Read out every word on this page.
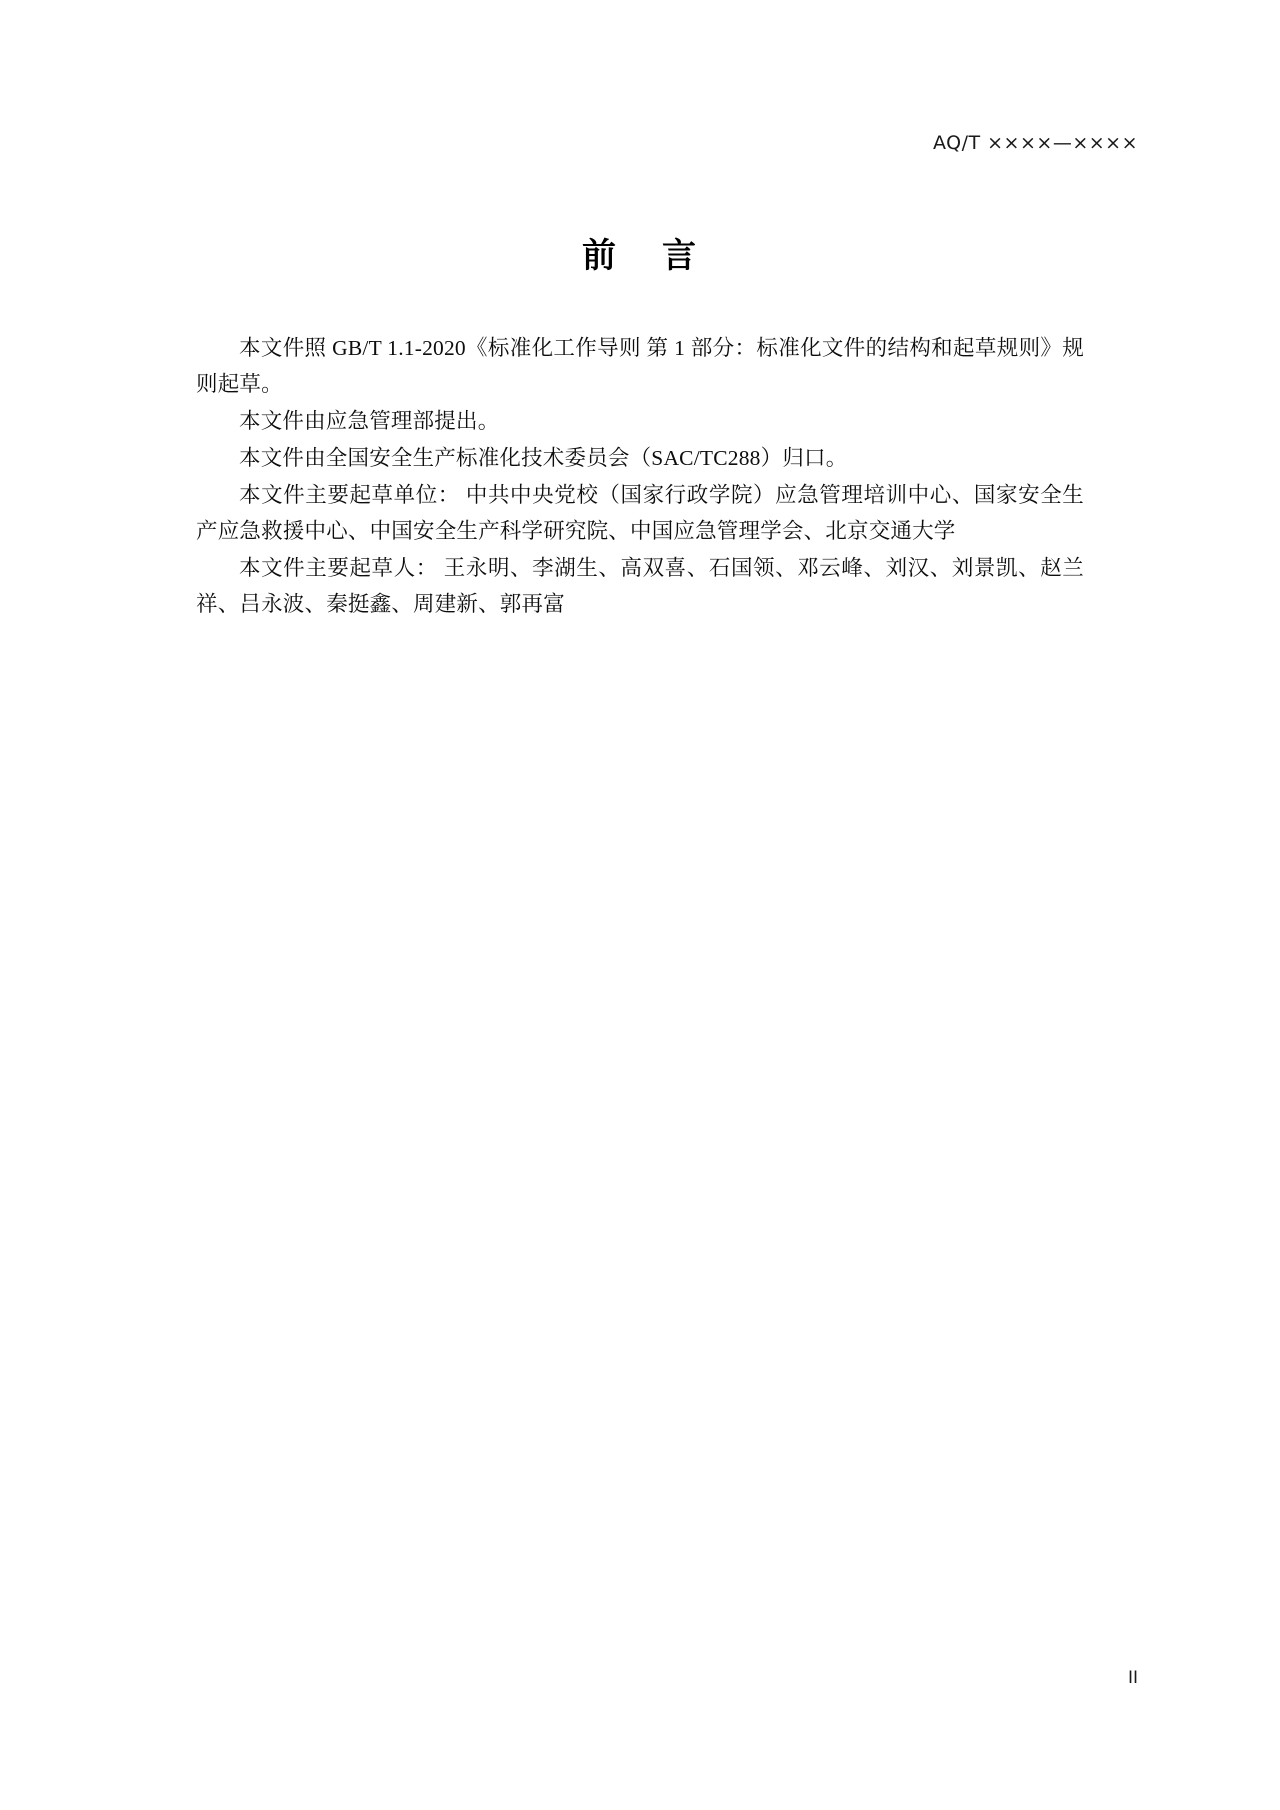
AQ/T ××××—××××
前 言

本文件照 GB/T 1.1-2020《标准化工作导则 第 1 部分：标准化文件的结构和起草规则》规则起草。

本文件由应急管理部提出。

本文件由全国安全生产标准化技术委员会（SAC/TC288）归口。

本文件主要起草单位： 中共中央党校（国家行政学院）应急管理培训中心、国家安全生产应急救援中心、中国安全生产科学研究院、中国应急管理学会、北京交通大学

本文件主要起草人： 王永明、李湖生、高双喜、石国领、邓云峰、刘汉、刘景凯、赵兰祥、吕永波、秦挺鑫、周建新、郭再富

II
